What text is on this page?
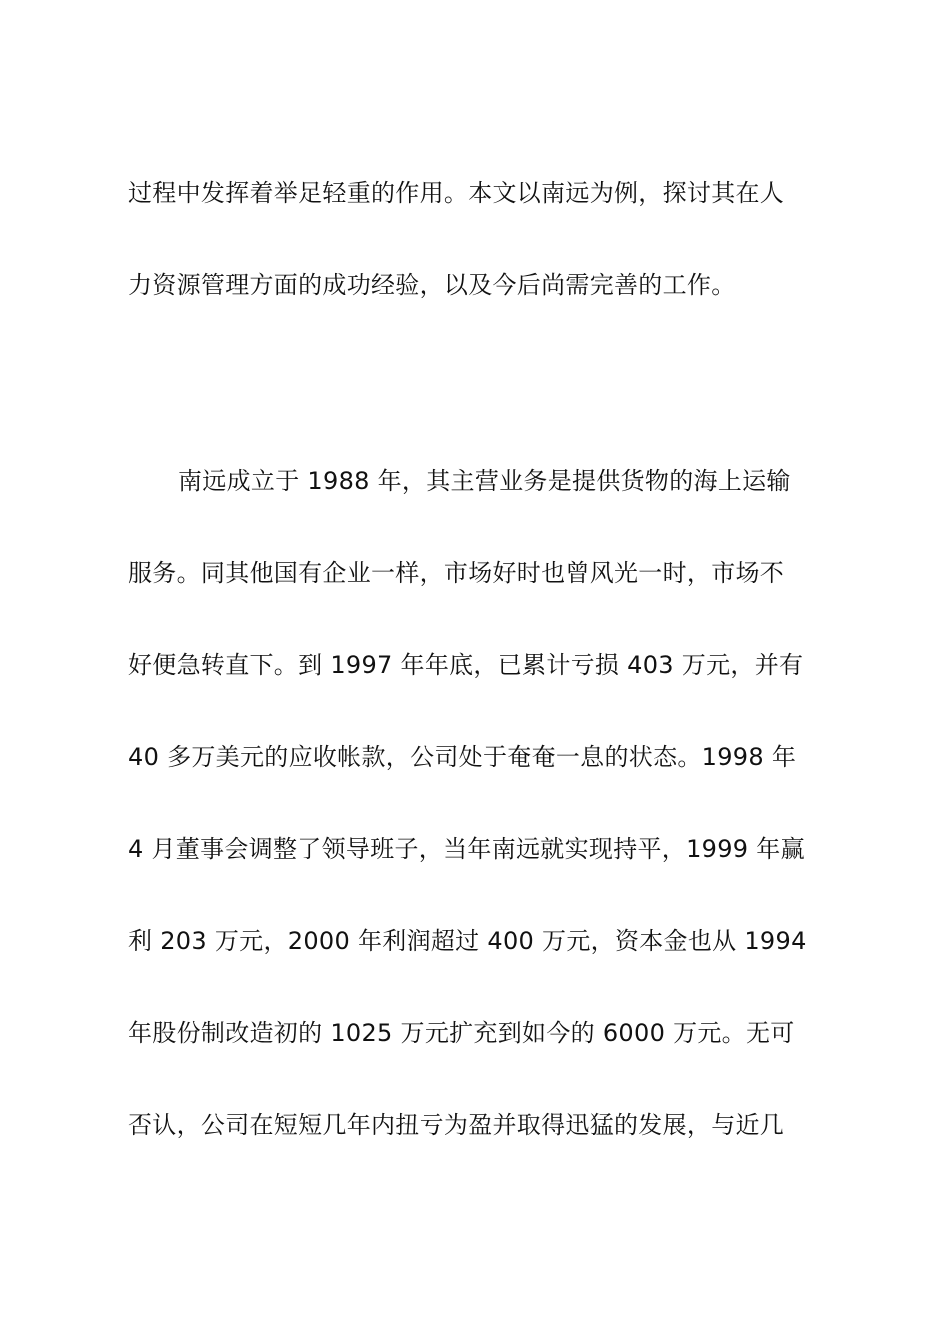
过程中发挥着举足轻重的作用。本文以南远为例，探讨其在人
力资源管理方面的成功经验，以及今后尚需完善的工作。
南远成立于 1988 年，其主营业务是提供货物的海上运输
服务。同其他国有企业一样，市场好时也曾风光一时，市场不
好便急转直下。到 1997 年年底，已累计亏损 403 万元，并有
40 多万美元的应收帐款，公司处于奄奄一息的状态。1998 年
4 月董事会调整了领导班子，当年南远就实现持平，1999 年赢
利 203 万元，2000 年利润超过 400 万元，资本金也从 1994
年股份制改造初的 1025 万元扩充到如今的 6000 万元。无可
否认，公司在短短几年内扭亏为盈并取得迅猛的发展，与近几
